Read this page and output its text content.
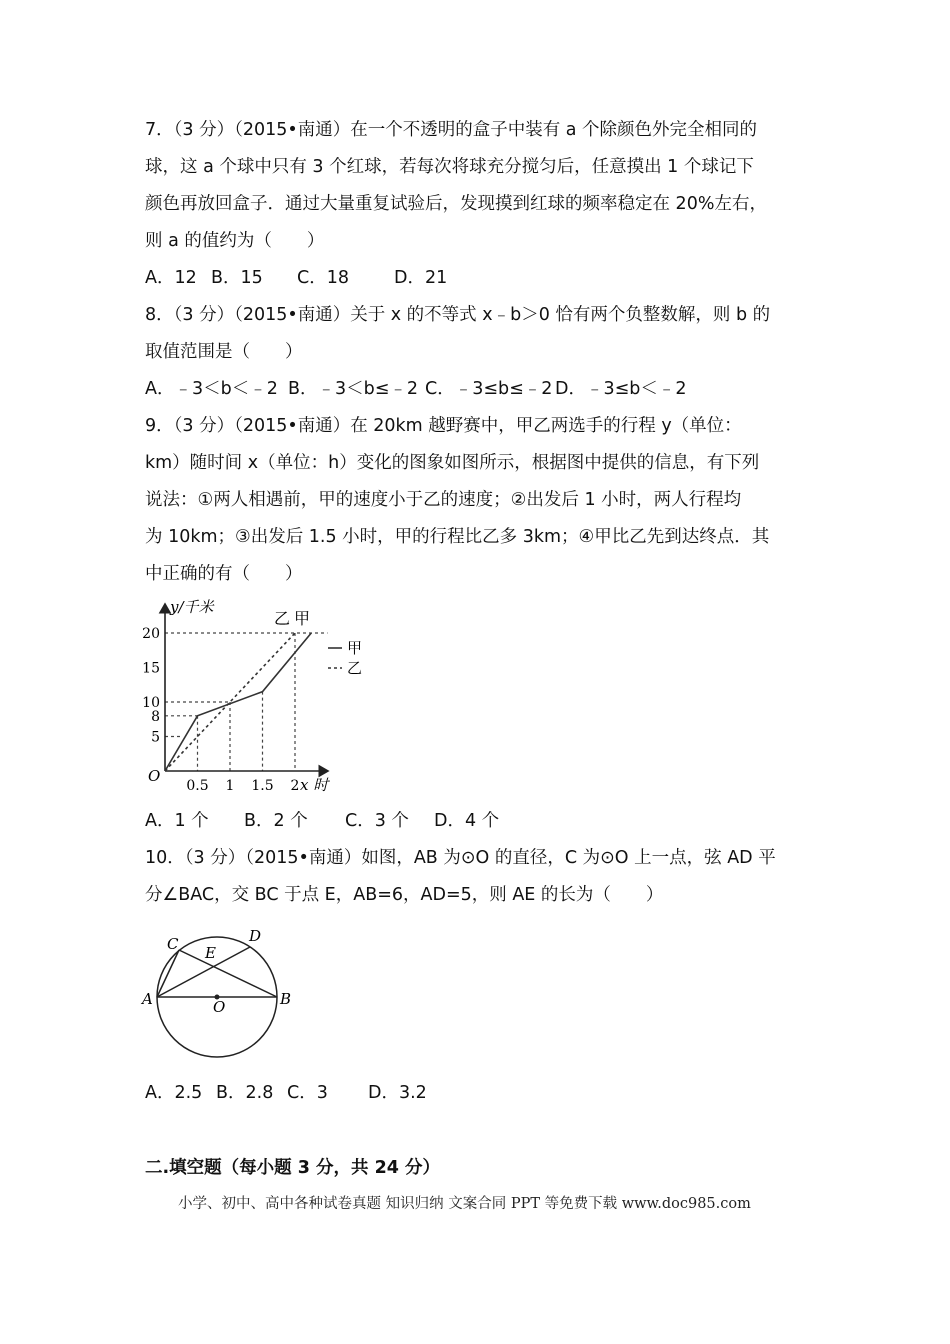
7．（3 分）（2015•南通）在一个不透明的盒子中装有 a 个除颜色外完全相同的
球，这 a 个球中只有 3 个红球，若每次将球充分搅匀后，任意摸出 1 个球记下
颜色再放回盒子．通过大量重复试验后，发现摸到红球的频率稳定在 20%左右，
则 a 的值约为（　　）
A．12 B．15 C．18	D．21
8．（3 分）（2015•南通）关于 x 的不等式 x﹣b＞0 恰有两个负整数解，则 b 的
取值范围是（　　）
A．﹣3＜b＜﹣2 B．﹣3＜b≤﹣2 C．﹣3≤b≤﹣2 D．﹣3≤b＜﹣2
9．（3 分）（2015•南通）在 20km 越野赛中，甲乙两选手的行程 y（单位：
km）随时间 x（单位：h）变化的图象如图所示，根据图中提供的信息，有下列
说法：①两人相遇前，甲的速度小于乙的速度；②出发后 1 小时，两人行程均
为 10km；③出发后 1.5 小时，甲的行程比乙多 3km；④甲比乙先到达终点．其
中正确的有（　　）
y/千米
x 时
O
0.5 1 1.5 2
5
8
10
15
20
乙 甲
甲
乙
A．1 个 B．2 个 C．3 个 D．4 个
10．（3 分）（2015•南通）如图，AB 为⊙O 的直径，C 为⊙O 上一点，弦 AD 平
分∠BAC，交 BC 于点 E，AB=6，AD=5，则 AE 的长为（　　）
A	B
C	D
E
O
A．2.5 B．2.8 C．3 D．3.2
二.填空题（每小题 3 分，共 24 分）
小学、初中、高中各种试卷真题 知识归纳 文案合同 PPT 等免费下载 www.doc985.com
